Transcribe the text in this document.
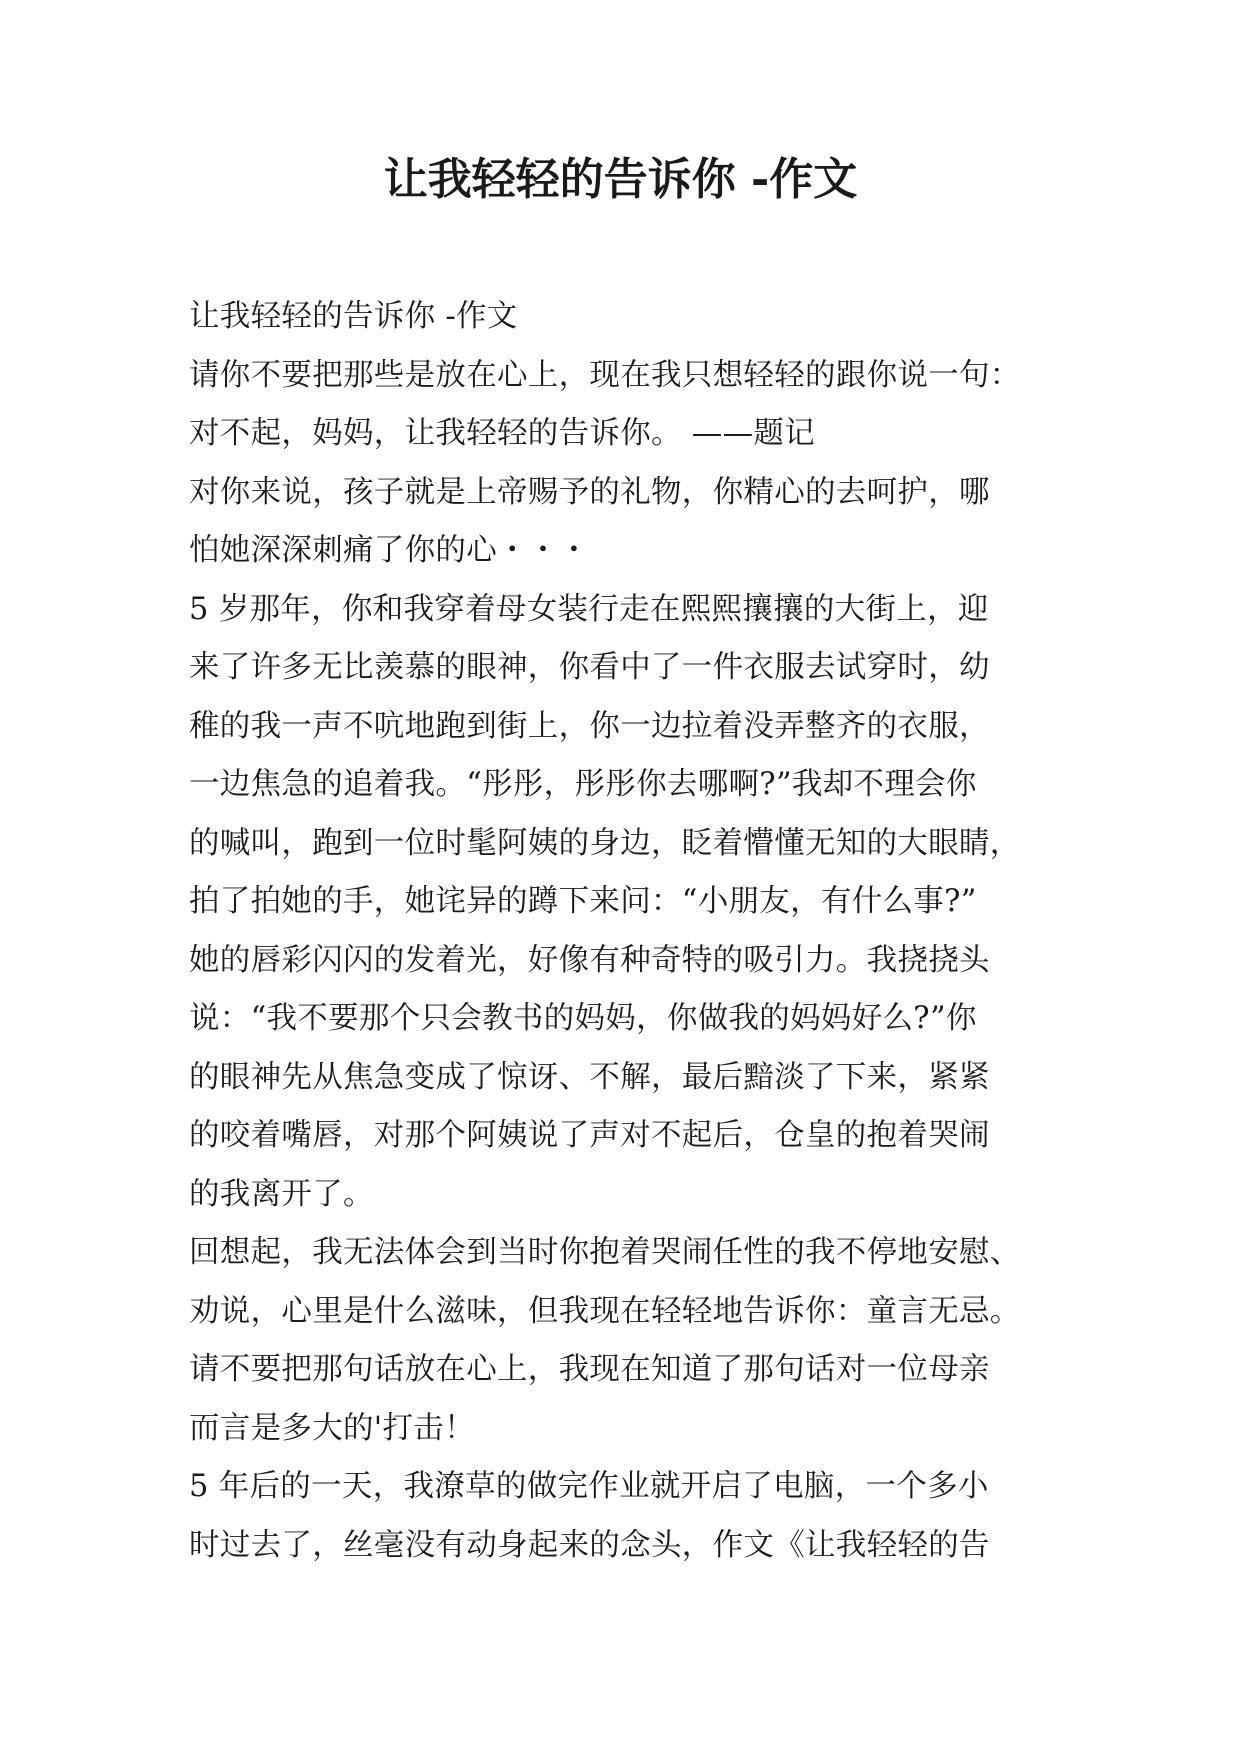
让我轻轻的告诉你 -作文
让我轻轻的告诉你 -作文
请你不要把那些是放在心上，现在我只想轻轻的跟你说一句：
对不起，妈妈，让我轻轻的告诉你。 ——题记
对你来说，孩子就是上帝赐予的礼物，你精心的去呵护，哪
怕她深深刺痛了你的心・・・
5 岁那年，你和我穿着母女装行走在熙熙攘攘的大街上，迎
来了许多无比羡慕的眼神，你看中了一件衣服去试穿时，幼
稚的我一声不吭地跑到街上，你一边拉着没弄整齐的衣服，
一边焦急的追着我。“彤彤，彤彤你去哪啊?”我却不理会你
的喊叫，跑到一位时髦阿姨的身边，眨着懵懂无知的大眼睛，
拍了拍她的手，她诧异的蹲下来问：“小朋友，有什么事?”
她的唇彩闪闪的发着光，好像有种奇特的吸引力。我挠挠头
说：“我不要那个只会教书的妈妈，你做我的妈妈好么?”你
的眼神先从焦急变成了惊讶、不解，最后黯淡了下来，紧紧
的咬着嘴唇，对那个阿姨说了声对不起后，仓皇的抱着哭闹
的我离开了。
回想起，我无法体会到当时你抱着哭闹任性的我不停地安慰、
劝说，心里是什么滋味，但我现在轻轻地告诉你：童言无忌。
请不要把那句话放在心上，我现在知道了那句话对一位母亲
而言是多大的'打击！
5 年后的一天，我潦草的做完作业就开启了电脑，一个多小
时过去了，丝毫没有动身起来的念头，作文《让我轻轻的告
